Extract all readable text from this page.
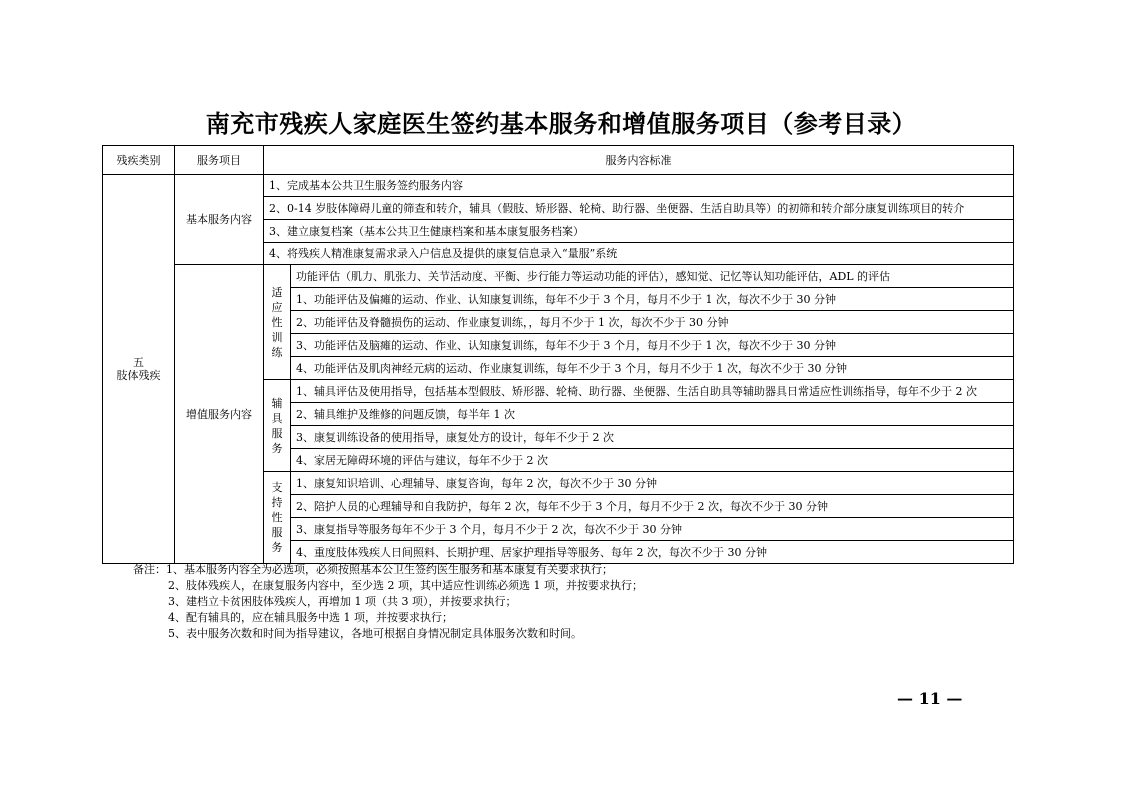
南充市残疾人家庭医生签约基本服务和增值服务项目（参考目录）
残疾类别	服务项目	服务内容标准	

五
肢体残疾	基本服务内容	1、完成基本公共卫生服务签约服务内容	
		2、0-14 岁肢体障碍儿童的筛查和转介，辅具（假肢、矫形器、轮椅、助行器、坐便器、生活自助具等）的初筛和转介部分康复训练项目的转介	
		3、建立康复档案（基本公共卫生健康档案和基本康复服务档案）	
		4、将残疾人精准康复需求录入户信息及提供的康复信息录入“量服”系统	
	增值服务内容	适应性训练	功能评估（肌力、肌张力、关节活动度、平衡、步行能力等运动功能的评估），感知觉、记忆等认知功能评估，ADL 的评估
			1、功能评估及偏瘫的运动、作业、认知康复训练，每年不少于 3 个月，每月不少于 1 次，每次不少于 30 分钟
			2、功能评估及脊髓损伤的运动、作业康复训练，，每月不少于 1 次，每次不少于 30 分钟
			3、功能评估及脑瘫的运动、作业、认知康复训练，每年不少于 3 个月，每月不少于 1 次，每次不少于 30 分钟
			4、功能评估及肌肉神经元病的运动、作业康复训练，每年不少于 3 个月，每月不少于 1 次，每次不少于 30 分钟
		辅具服务	1、辅具评估及使用指导，包括基本型假肢、矫形器、轮椅、助行器、坐便器、生活自助具等辅助器具日常适应性训练指导，每年不少于 2 次
			2、辅具维护及维修的问题反馈，每半年 1 次
			3、康复训练设备的使用指导，康复处方的设计，每年不少于 2 次
			4、家居无障碍环境的评估与建议，每年不少于 2 次
		支持性服务	1、康复知识培训、心理辅导、康复咨询，每年 2 次，每次不少于 30 分钟
			2、陪护人员的心理辅导和自我防护，每年 2 次，每年不少于 3 个月，每月不少于 2 次，每次不少于 30 分钟
			3、康复指导等服务每年不少于 3 个月，每月不少于 2 次，每次不少于 30 分钟
			4、重度肢体残疾人日间照料、长期护理、居家护理指导等服务、每年 2 次，每次不少于 30 分钟
备注：1、基本服务内容全为必选项，必须按照基本公卫生签约医生服务和基本康复有关要求执行；
2、肢体残疾人，在康复服务内容中，至少选 2 项，其中适应性训练必须选 1 项，并按要求执行；
3、建档立卡贫困肢体残疾人，再增加 1 项（共 3 项），并按要求执行；
4、配有辅具的，应在辅具服务中选 1 项，并按要求执行；
5、表中服务次数和时间为指导建议，各地可根据自身情况制定具体服务次数和时间。
— 11 —
